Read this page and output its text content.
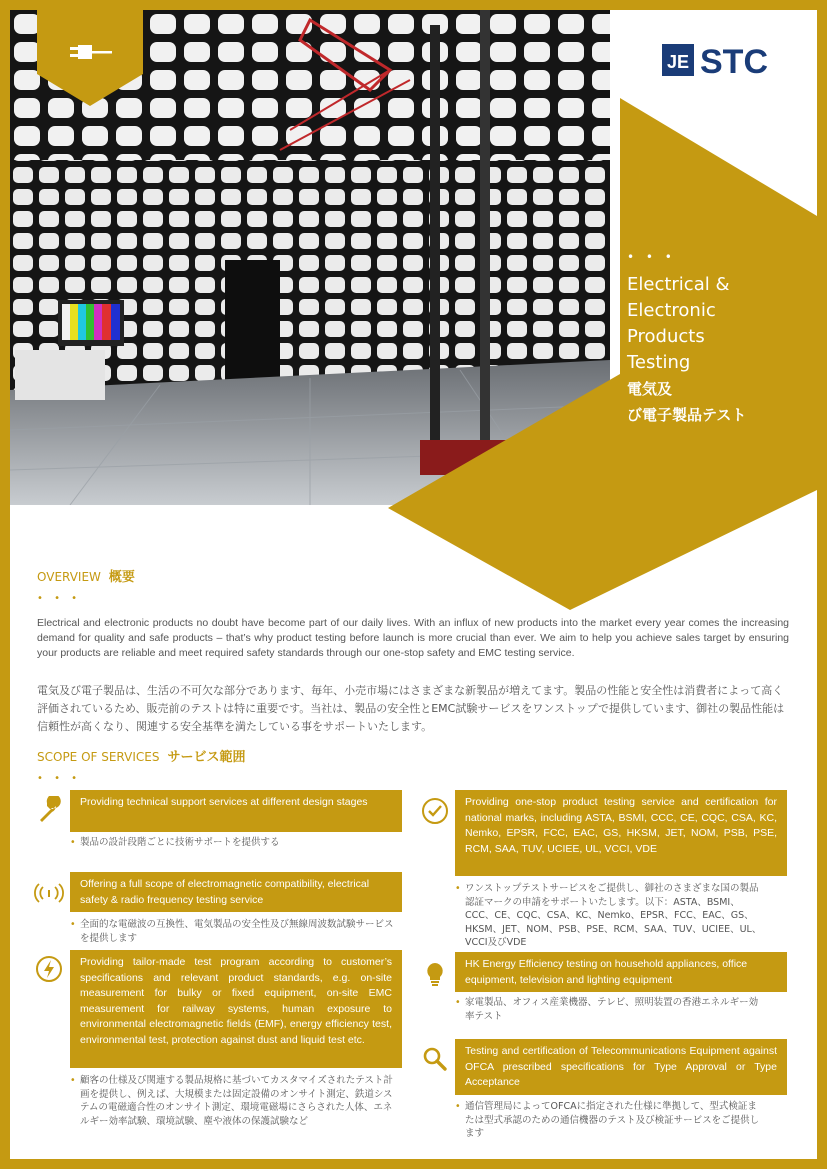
JE STC
• • •
Electrical &
Electronic
Products
Testing
電気及
び電子製品テスト
OVERVIEW 概要
• • •

Electrical and electronic products no doubt have become part of our daily lives. With an influx of new products into the market every year comes the increasing demand for quality and safe products – that’s why product testing before launch is more crucial than ever. We aim to help you achieve sales target by ensuring your products are reliable and meet required safety standards through our one-stop safety and EMC testing service.

電気及び電子製品は、生活の不可欠な部分であります、毎年、小売市場にはさまざまな新製品が増えてます。製品の性能と安全性は消費者によって高く評価されているため、販売前のテストは特に重要です。当社は、製品の安全性とEMC試験サービスをワンストップで提供しています、御社の製品性能は信頼性が高くなり、関連する安全基準を満たしている事をサポートいたします。

SCOPE OF SERVICES サービス範囲
• • •
Providing technical support services at different design stages
• 製品の設計段階ごとに技術サポートを提供する
Offering a full scope of electromagnetic compatibility, electrical safety & radio frequency testing service
• 全面的な電磁波の互換性、電気製品の安全性及び無線周波数試験サービスを提供します
Providing tailor-made test program according to customer’s specifications and relevant product standards, e.g. on-site measurement for bulky or fixed equipment, on-site EMC measurement for railway systems, human exposure to environmental electromagnetic fields (EMF), energy efficiency test, environmental test, protection against dust and liquid test etc.
• 顧客の仕様及び関連する製品規格に基づいてカスタマイズされたテスト計画を提供し、例えば、大規模または固定設備のオンサイト測定、鉄道システムの電磁適合性のオンサイト測定、環境電磁場にさらされた人体、エネルギー効率試験、環境試験、塵や液体の保護試験など
Providing one-stop product testing service and certification for national marks, including ASTA, BSMI, CCC, CE, CQC, CSA, KC, Nemko, EPSR, FCC, EAC, GS, HKSM, JET, NOM, PSB, PSE, RCM, SAA, TUV, UCIEE, UL, VCCI, VDE
• ワンストップテストサービスをご提供し、御社のさまざまな国の製品認証マークの申請をサポートいたします。以下：ASTA、BSMI、CCC、CE、CQC、CSA、KC、Nemko、EPSR、FCC、EAC、GS、HKSM、JET、NOM、PSB、PSE、RCM、SAA、TUV、UCIEE、UL、VCCI及びVDE
HK Energy Efficiency testing on household appliances, office equipment, television and lighting equipment
• 家電製品、オフィス産業機器、テレビ、照明装置の香港エネルギー効率テスト
Testing and certification of Telecommunications Equipment against OFCA prescribed specifications for Type Approval or Type Acceptance
• 通信管理局によってOFCAに指定された仕様に準拠して、型式検証または型式承認のための通信機器のテスト及び検証サービスをご提供します
